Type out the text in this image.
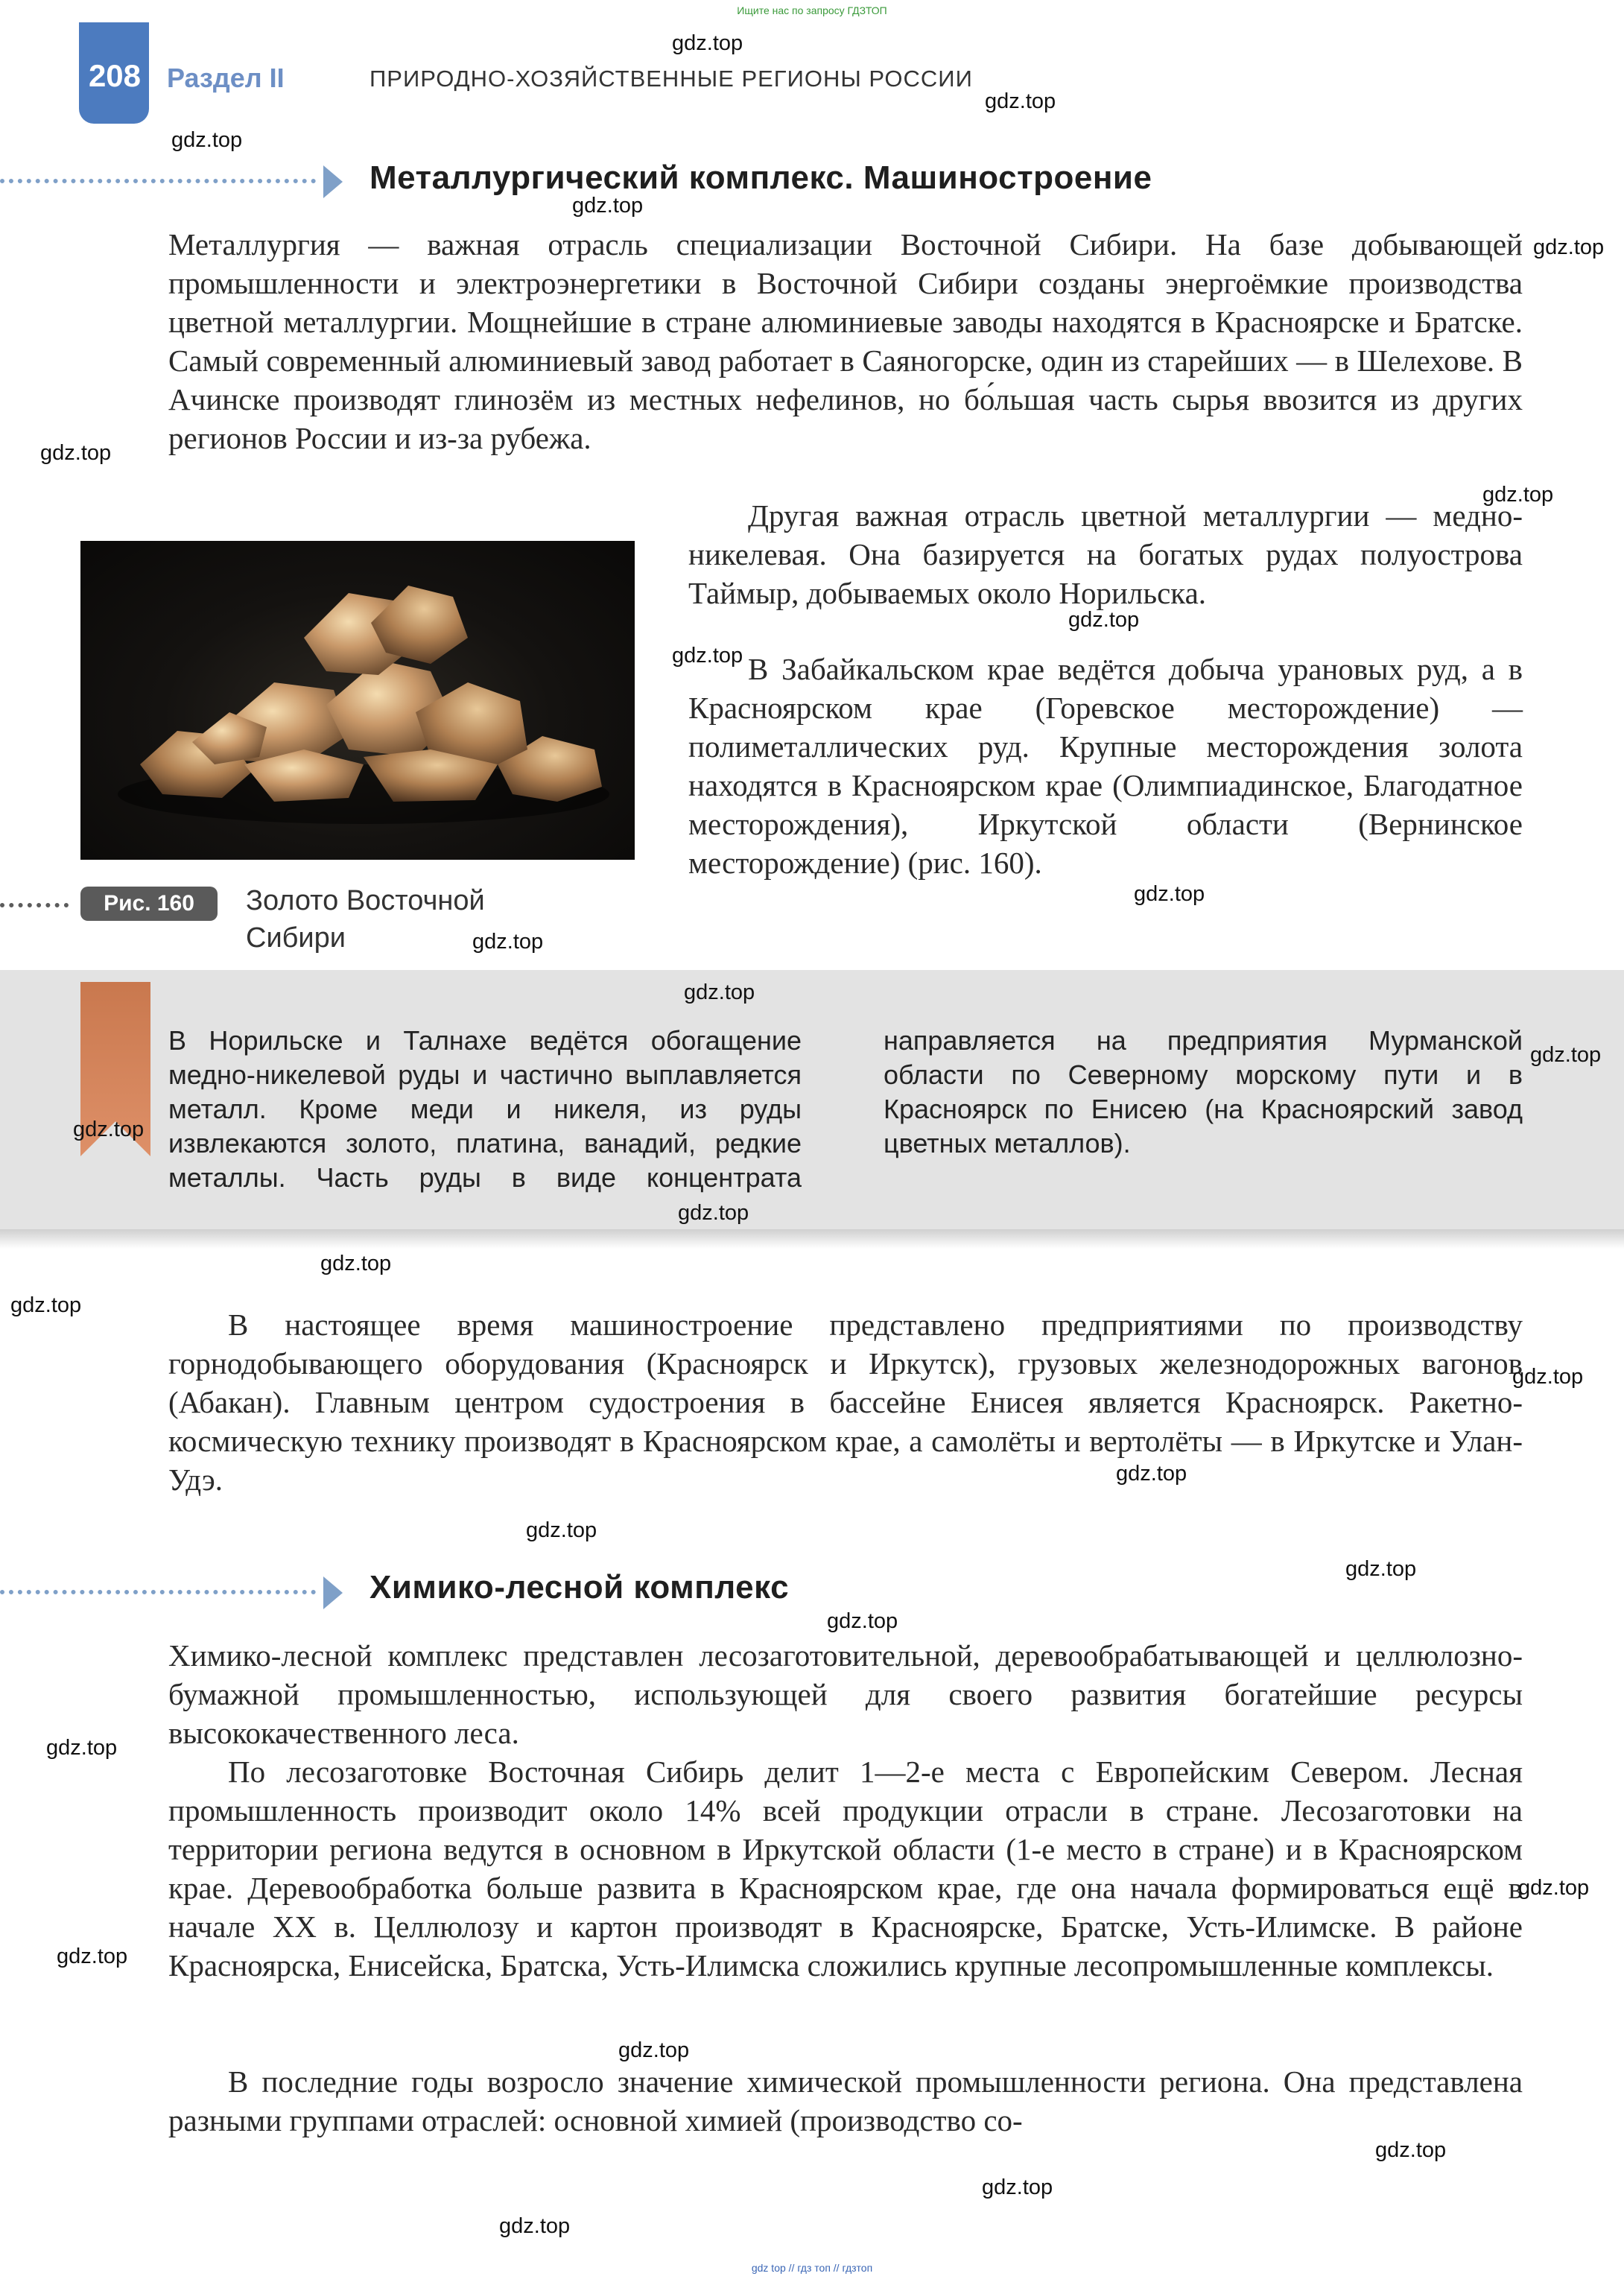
Ищите нас по запросу ГДЗТОП
208 Раздел II	ПРИРОДНО-ХОЗЯЙСТВЕННЫЕ РЕГИОНЫ РОССИИ
Металлургический комплекс. Машиностроение
Металлургия — важная отрасль специализации Восточной Сибири. На базе добывающей промышленности и электроэнергетики в Восточной Сибири созданы энергоёмкие производства цветной металлургии. Мощнейшие в стране алюминиевые заводы находятся в Красноярске и Братске. Самый современный алюминиевый завод работает в Саяногорске, один из старейших — в Шелехове. В Ачинске производят глинозём из местных нефелинов, но бо́льшая часть сырья ввозится из других регионов России и из-за рубежа.
Другая важная отрасль цветной металлургии — медно-никелевая. Она базируется на богатых рудах полуострова Таймыр, добываемых около Норильска.
В Забайкальском крае ведётся добыча урановых руд, а в Красноярском крае (Горевское месторождение) — полиметаллических руд. Крупные месторождения золота находятся в Красноярском крае (Олимпиадинское, Благодатное месторождения), Иркутской области (Вернинское месторождение) (рис. 160).
Рис. 160	Золото Восточной Сибири
В Норильске и Талнахе ведётся обогащение медно-никелевой руды и частично выплавляется металл. Кроме меди и никеля, из руды извлекаются золото, платина, ванадий, редкие металлы. Часть руды в виде концентрата
направляется на предприятия Мурманской области по Северному морскому пути и в Красноярск по Енисею (на Красноярский завод цветных металлов).
В настоящее время машиностроение представлено предприятиями по производству горнодобывающего оборудования (Красноярск и Иркутск), грузовых железнодорожных вагонов (Абакан). Главным центром судостроения в бассейне Енисея является Красноярск. Ракетно-космическую технику производят в Красноярском крае, а самолёты и вертолёты — в Иркутске и Улан-Удэ.
Химико-лесной комплекс
Химико-лесной комплекс представлен лесозаготовительной, деревообрабатывающей и целлюлозно-бумажной промышленностью, использующей для своего развития богатейшие ресурсы высококачественного леса.
По лесозаготовке Восточная Сибирь делит 1—2-е места с Европейским Севером. Лесная промышленность производит около 14% всей продукции отрасли в стране. Лесозаготовки на территории региона ведутся в основном в Иркутской области (1-е место в стране) и в Красноярском крае. Деревообработка больше развита в Красноярском крае, где она начала формироваться ещё в начале XX в. Целлюлозу и картон производят в Красноярске, Братске, Усть-Илимске. В районе Красноярска, Енисейска, Братска, Усть-Илимска сложились крупные лесопромышленные комплексы.
В последние годы возросло значение химической промышленности региона. Она представлена разными группами отраслей: основной химией (производство со-
gdz.top
gdz.top
gdz.top
gdz.top
gdz.top
gdz.top
gdz.top
gdz.top
gdz.top
gdz.top
gdz.top
gdz.top
gdz.top
gdz.top
gdz.top
gdz.top
gdz.top
gdz.top
gdz.top
gdz.top
gdz.top
gdz.top
gdz.top
gdz.top
gdz.top
gdz.top
gdz.top
gdz.top
gdz.top
gdz top // гдз топ // гдзтоп
